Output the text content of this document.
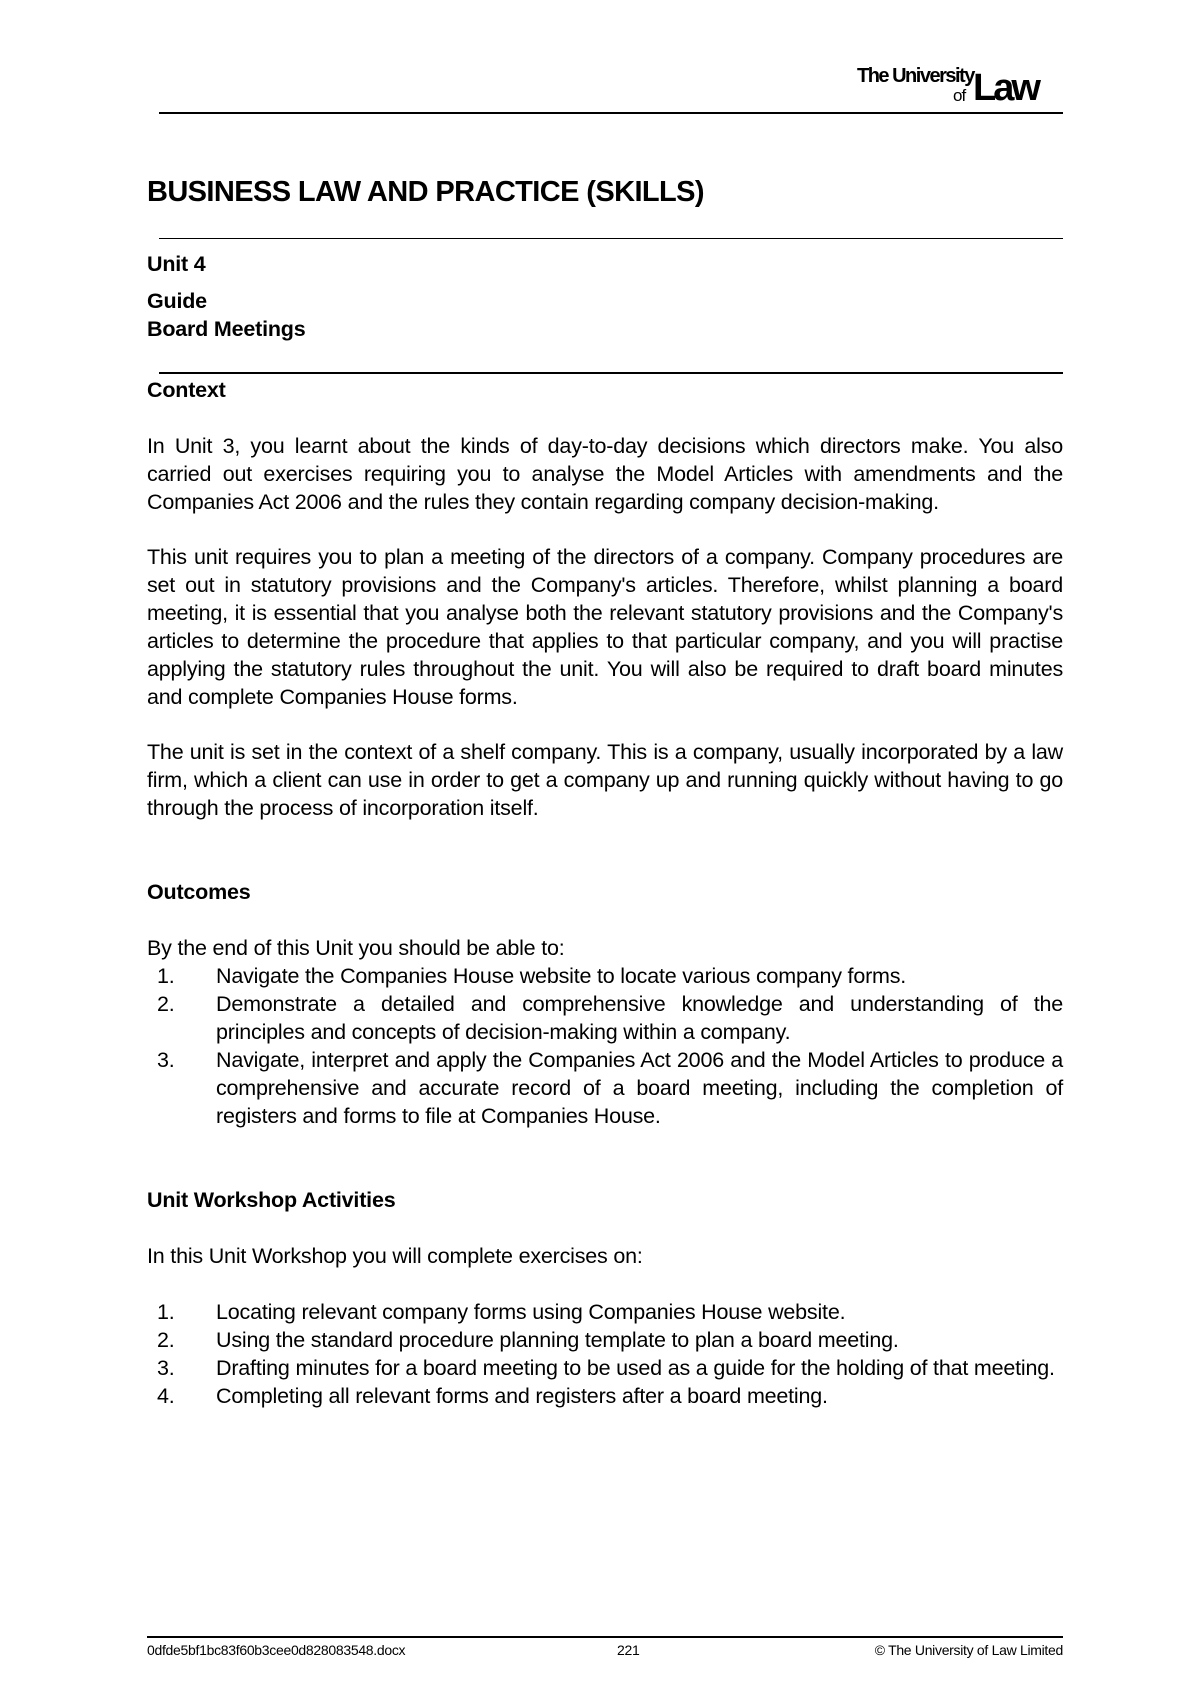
The University
of Law
BUSINESS LAW AND PRACTICE (SKILLS)

Unit 4

Guide

Board Meetings

Context

In Unit 3, you learnt about the kinds of day-to-day decisions which directors make. You also carried out exercises requiring you to analyse the Model Articles with amendments and the Companies Act 2006 and the rules they contain regarding company decision-making.

This unit requires you to plan a meeting of the directors of a company. Company procedures are set out in statutory provisions and the Company's articles. Therefore, whilst planning a board meeting, it is essential that you analyse both the relevant statutory provisions and the Company's articles to determine the procedure that applies to that particular company, and you will practise applying the statutory rules throughout the unit. You will also be required to draft board minutes and complete Companies House forms.

The unit is set in the context of a shelf company. This is a company, usually incorporated by a law firm, which a client can use in order to get a company up and running quickly without having to go through the process of incorporation itself.

Outcomes

By the end of this Unit you should be able to:

1. Navigate the Companies House website to locate various company forms.
2. Demonstrate a detailed and comprehensive knowledge and understanding of the principles and concepts of decision-making within a company.
3. Navigate, interpret and apply the Companies Act 2006 and the Model Articles to produce a comprehensive and accurate record of a board meeting, including the completion of registers and forms to file at Companies House.

Unit Workshop Activities

In this Unit Workshop you will complete exercises on:

1. Locating relevant company forms using Companies House website.
2. Using the standard procedure planning template to plan a board meeting.
3. Drafting minutes for a board meeting to be used as a guide for the holding of that meeting.
4. Completing all relevant forms and registers after a board meeting.
0dfde5bf1bc83f60b3cee0d828083548.docx	221	© The University of Law Limited
